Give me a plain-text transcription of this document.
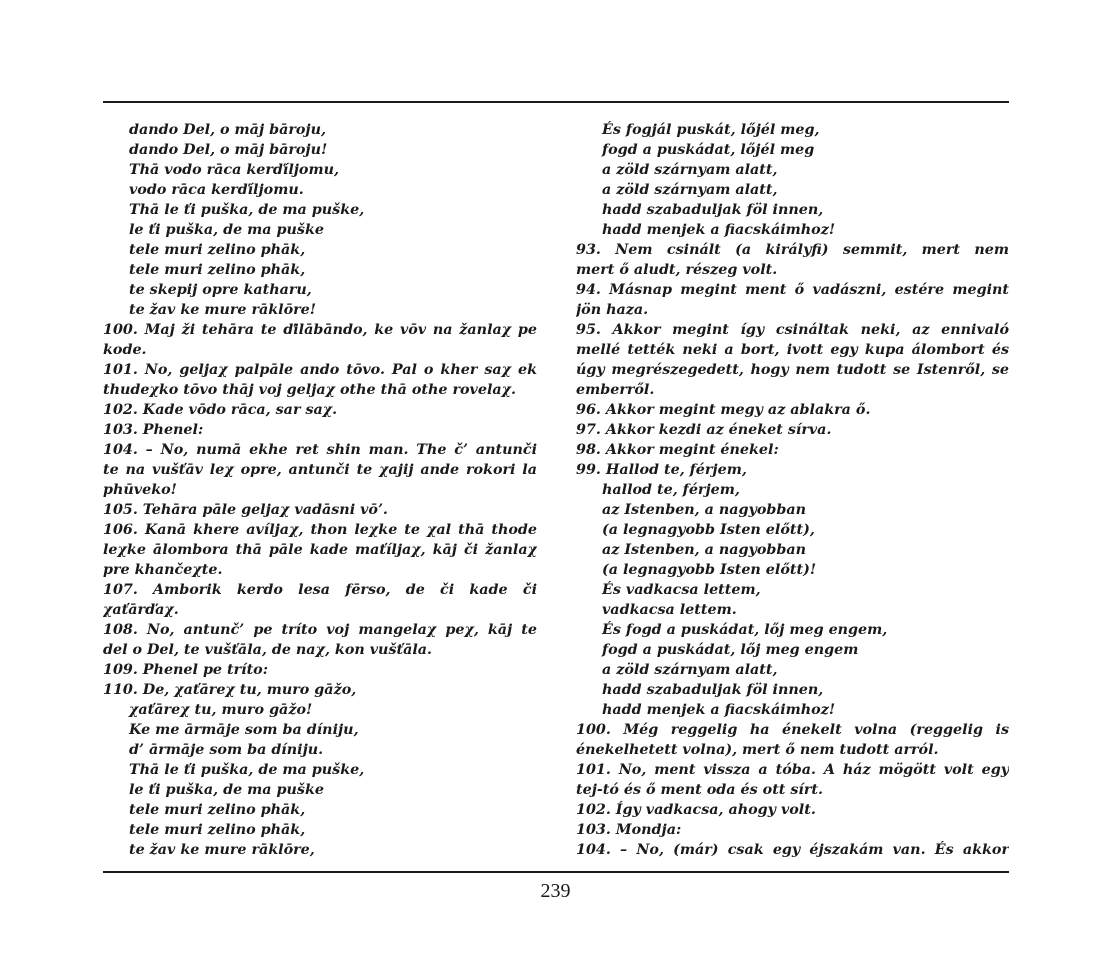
dando Del, o māj bāroju,
dando Del, o māj bāroju!
Thā vodo rāca kerďíljomu,
vodo rāca kerďíljomu.
Thā le ťi puška, de ma puške,
le ťi puška, de ma puške
tele muri zelino phāk,
tele muri zelino phāk,
te skepij opre katharu,
te žav ke mure rāklōre!
100. Maj ži tehāra te ďilābāndo, ke vōv na žanlaχ pe
kode.
101. No, geljaχ palpāle ando tōvo. Pal o kher saχ ek
thudeχko tōvo thāj voj geljaχ othe thā othe rovelaχ.
102. Kade vōdo rāca, sar saχ.
103. Phenel:
104. – No, numā ekhe ret shin man. The č’ antunči
te na vušťāv leχ opre, antunči te χajij ande rokori la
phūveko!
105. Tehāra pāle geljaχ vadāsni vō’.
106. Kanā khere avíljaχ, thon leχke te χal thā thode
leχke ālombora thā pāle kade maťíljaχ, kāj či žanlaχ
pre khančeχte.
107. Amborik kerdo lesa fērso, de či kade či
χaťārďaχ.
108. No, antunč’ pe tríto voj mangelaχ peχ, kāj te
del o Del, te vušťāla, de naχ, kon vušťāla.
109. Phenel pe tríto:
110. De, χaťāreχ tu, muro gāžo,
χaťāreχ tu, muro gāžo!
Ke me ārmāje som ba díniju,
d’ ārmāje som ba díniju.
Thā le ťi puška, de ma puške,
le ťi puška, de ma puške
tele muri zelino phāk,
tele muri zelino phāk,
te žav ke mure rāklōre,
És fogjál puskát, lőjél meg,
fogd a puskádat, lőjél meg
a zöld szárnyam alatt,
a zöld szárnyam alatt,
hadd szabaduljak föl innen,
hadd menjek a fiacskáimhoz!
93. Nem csinált (a királyfi) semmit, mert nem
mert ő aludt, részeg volt.
94. Másnap megint ment ő vadászni, estére megint
jön haza.
95. Akkor megint így csináltak neki, az ennivaló
mellé tették neki a bort, ivott egy kupa álombort és
úgy megrészegedett, hogy nem tudott se Istenről, se
emberről.
96. Akkor megint megy az ablakra ő.
97. Akkor kezdi az éneket sírva.
98. Akkor megint énekel:
99. Hallod te, férjem,
hallod te, férjem,
az Istenben, a nagyobban
(a legnagyobb Isten előtt),
az Istenben, a nagyobban
(a legnagyobb Isten előtt)!
És vadkacsa lettem,
vadkacsa lettem.
És fogd a puskádat, lőj meg engem,
fogd a puskádat, lőj meg engem
a zöld szárnyam alatt,
hadd szabaduljak föl innen,
hadd menjek a fiacskáimhoz!
100. Még reggelig ha énekelt volna (reggelig is
énekelhetett volna), mert ő nem tudott arról.
101. No, ment vissza a tóba. A ház mögött volt egy
tej-tó és ő ment oda és ott sírt.
102. Így vadkacsa, ahogy volt.
103. Mondja:
104. – No, (már) csak egy éjszakám van. És akkor
239
